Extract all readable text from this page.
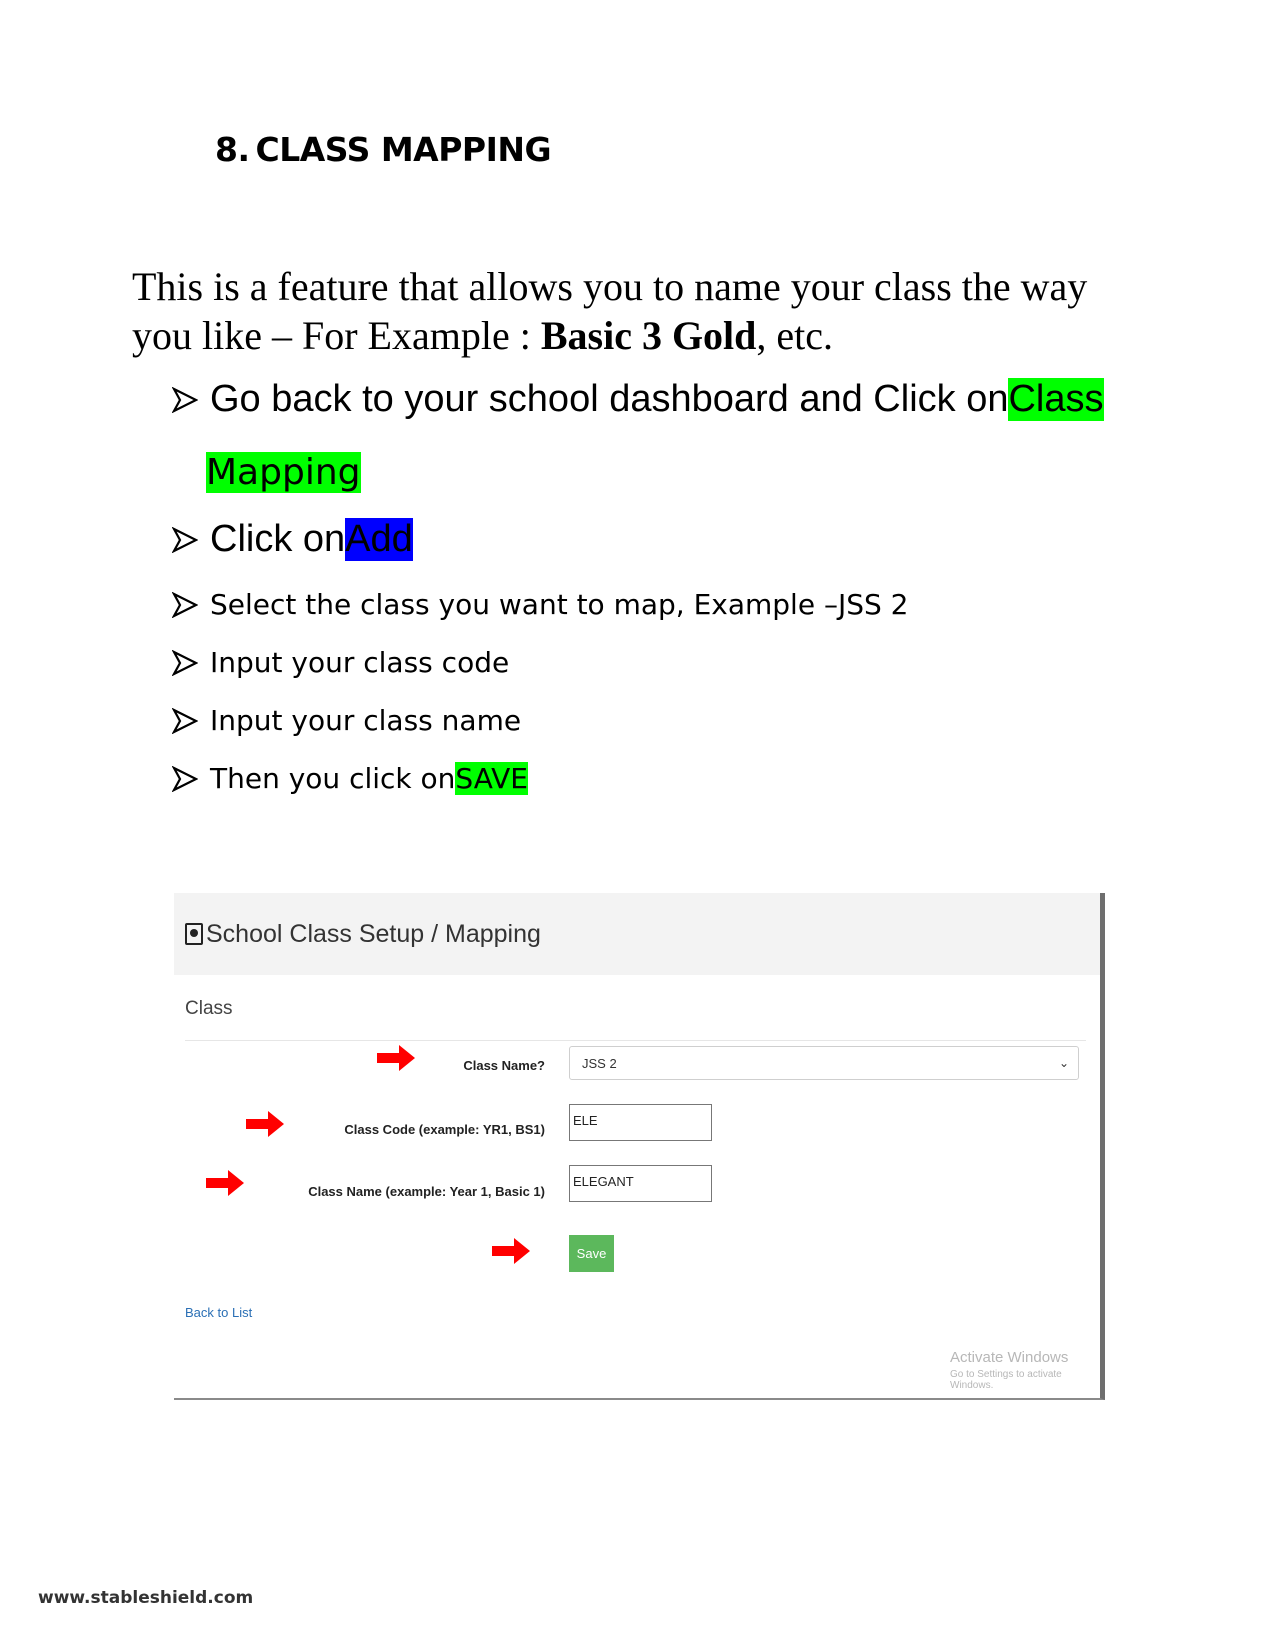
8. CLASS MAPPING
This is a feature that allows you to name your class the way
you like – For Example : Basic 3 Gold, etc.
Go back to your school dashboard and Click on Class
Mapping
Click on Add
Select the class you want to map, Example –JSS 2
Input your class code
Input your class name
Then you click on SAVE
School Class Setup / Mapping
Class
Class Name?	JSS 2	⌄
Class Code (example: YR1, BS1)
ELE
Class Name (example: Year 1, Basic 1)
ELEGANT
Save
Back to List
Activate Windows
Go to Settings to activate Windows.
www.stableshield.com
